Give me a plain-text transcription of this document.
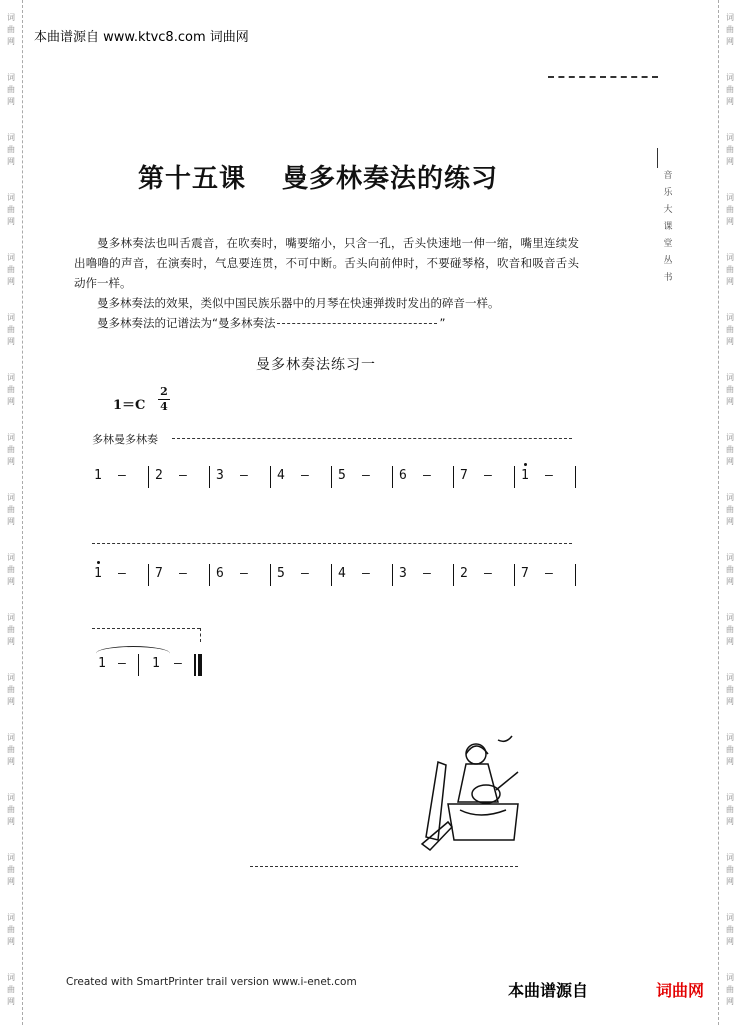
词
曲
网
词
曲
网
词
曲
网
词
曲
网
词
曲
网
词
曲
网
词
曲
网
词
曲
网
词
曲
网
词
曲
网
词
曲
网
词
曲
网
词
曲
网
词
曲
网
词
曲
网
词
曲
网
词
曲
网
词
曲
网
词
曲
网
词
曲
网
词
曲
网
词
曲
网
词
曲
网
词
曲
网
词
曲
网
词
曲
网
词
曲
网
词
曲
网
词
曲
网
词
曲
网
词
曲
网
词
曲
网
词
曲
网
词
曲
网
本曲谱源自 www.ktvc8.com 词曲网
音
乐
大
课
堂
丛
书
第十五课 曼多林奏法的练习
曼多林奏法也叫舌震音，在吹奏时，嘴要缩小，只含一孔，舌头快速地一伸一缩，嘴里连续发出噜噜的声音，在演奏时，气息要连贯，不可中断。舌头向前伸时，不要碰琴格，吹音和吸音舌头动作一样。
曼多林奏法的效果，类似中国民族乐器中的月琴在快速弹拨时发出的碎音一样。
曼多林奏法的记谱法为“曼多林奏法	”
曼多林奏法练习一
1＝C
2
4
多林曼多林奏
1 – 2 – 3 – 4 – 5 – 6 – 7 – 1 –
1 – 7 – 6 – 5 – 4 – 3 – 2 – 7 –
1 – 1 –
Created with SmartPrinter trail version www.i-enet.com	本曲谱源自	词曲网
